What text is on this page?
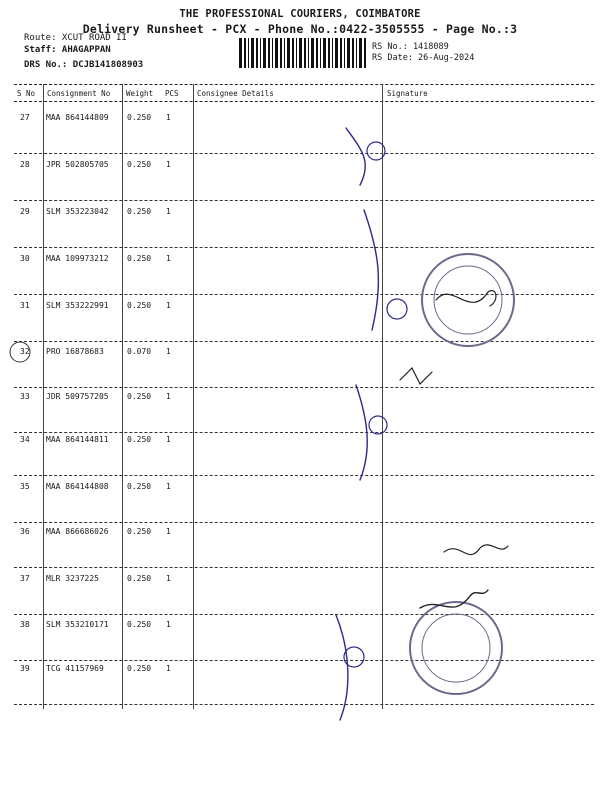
THE PROFESSIONAL COURIERS, COIMBATORE
Delivery Runsheet - PCX - Phone No.:0422-3505555 - Page No.:3
Route: XCUT ROAD II
Staff: AHAGAPPAN
DRS No.: DCJB141808903
RS No.: 1418089
RS Date: 26-Aug-2024
S No Consignment No Weight PCS Consignee Details	Signature
27 MAA 864144809 0.250 1
28 JPR 502805705 0.250 1
29 SLM 353223042 0.250 1
30 MAA 109973212 0.250 1
31 SLM 353222991 0.250 1
32 PRO 16878683	0.070 1
33 JDR 509757205 0.250 1
34 MAA 864144811 0.250 1
35 MAA 864144808 0.250 1
36 MAA 866686026 0.250 1
37 MLR 3237225	0.250 1
38 SLM 353210171 0.250 1
39 TCG 41157969	0.250 1
